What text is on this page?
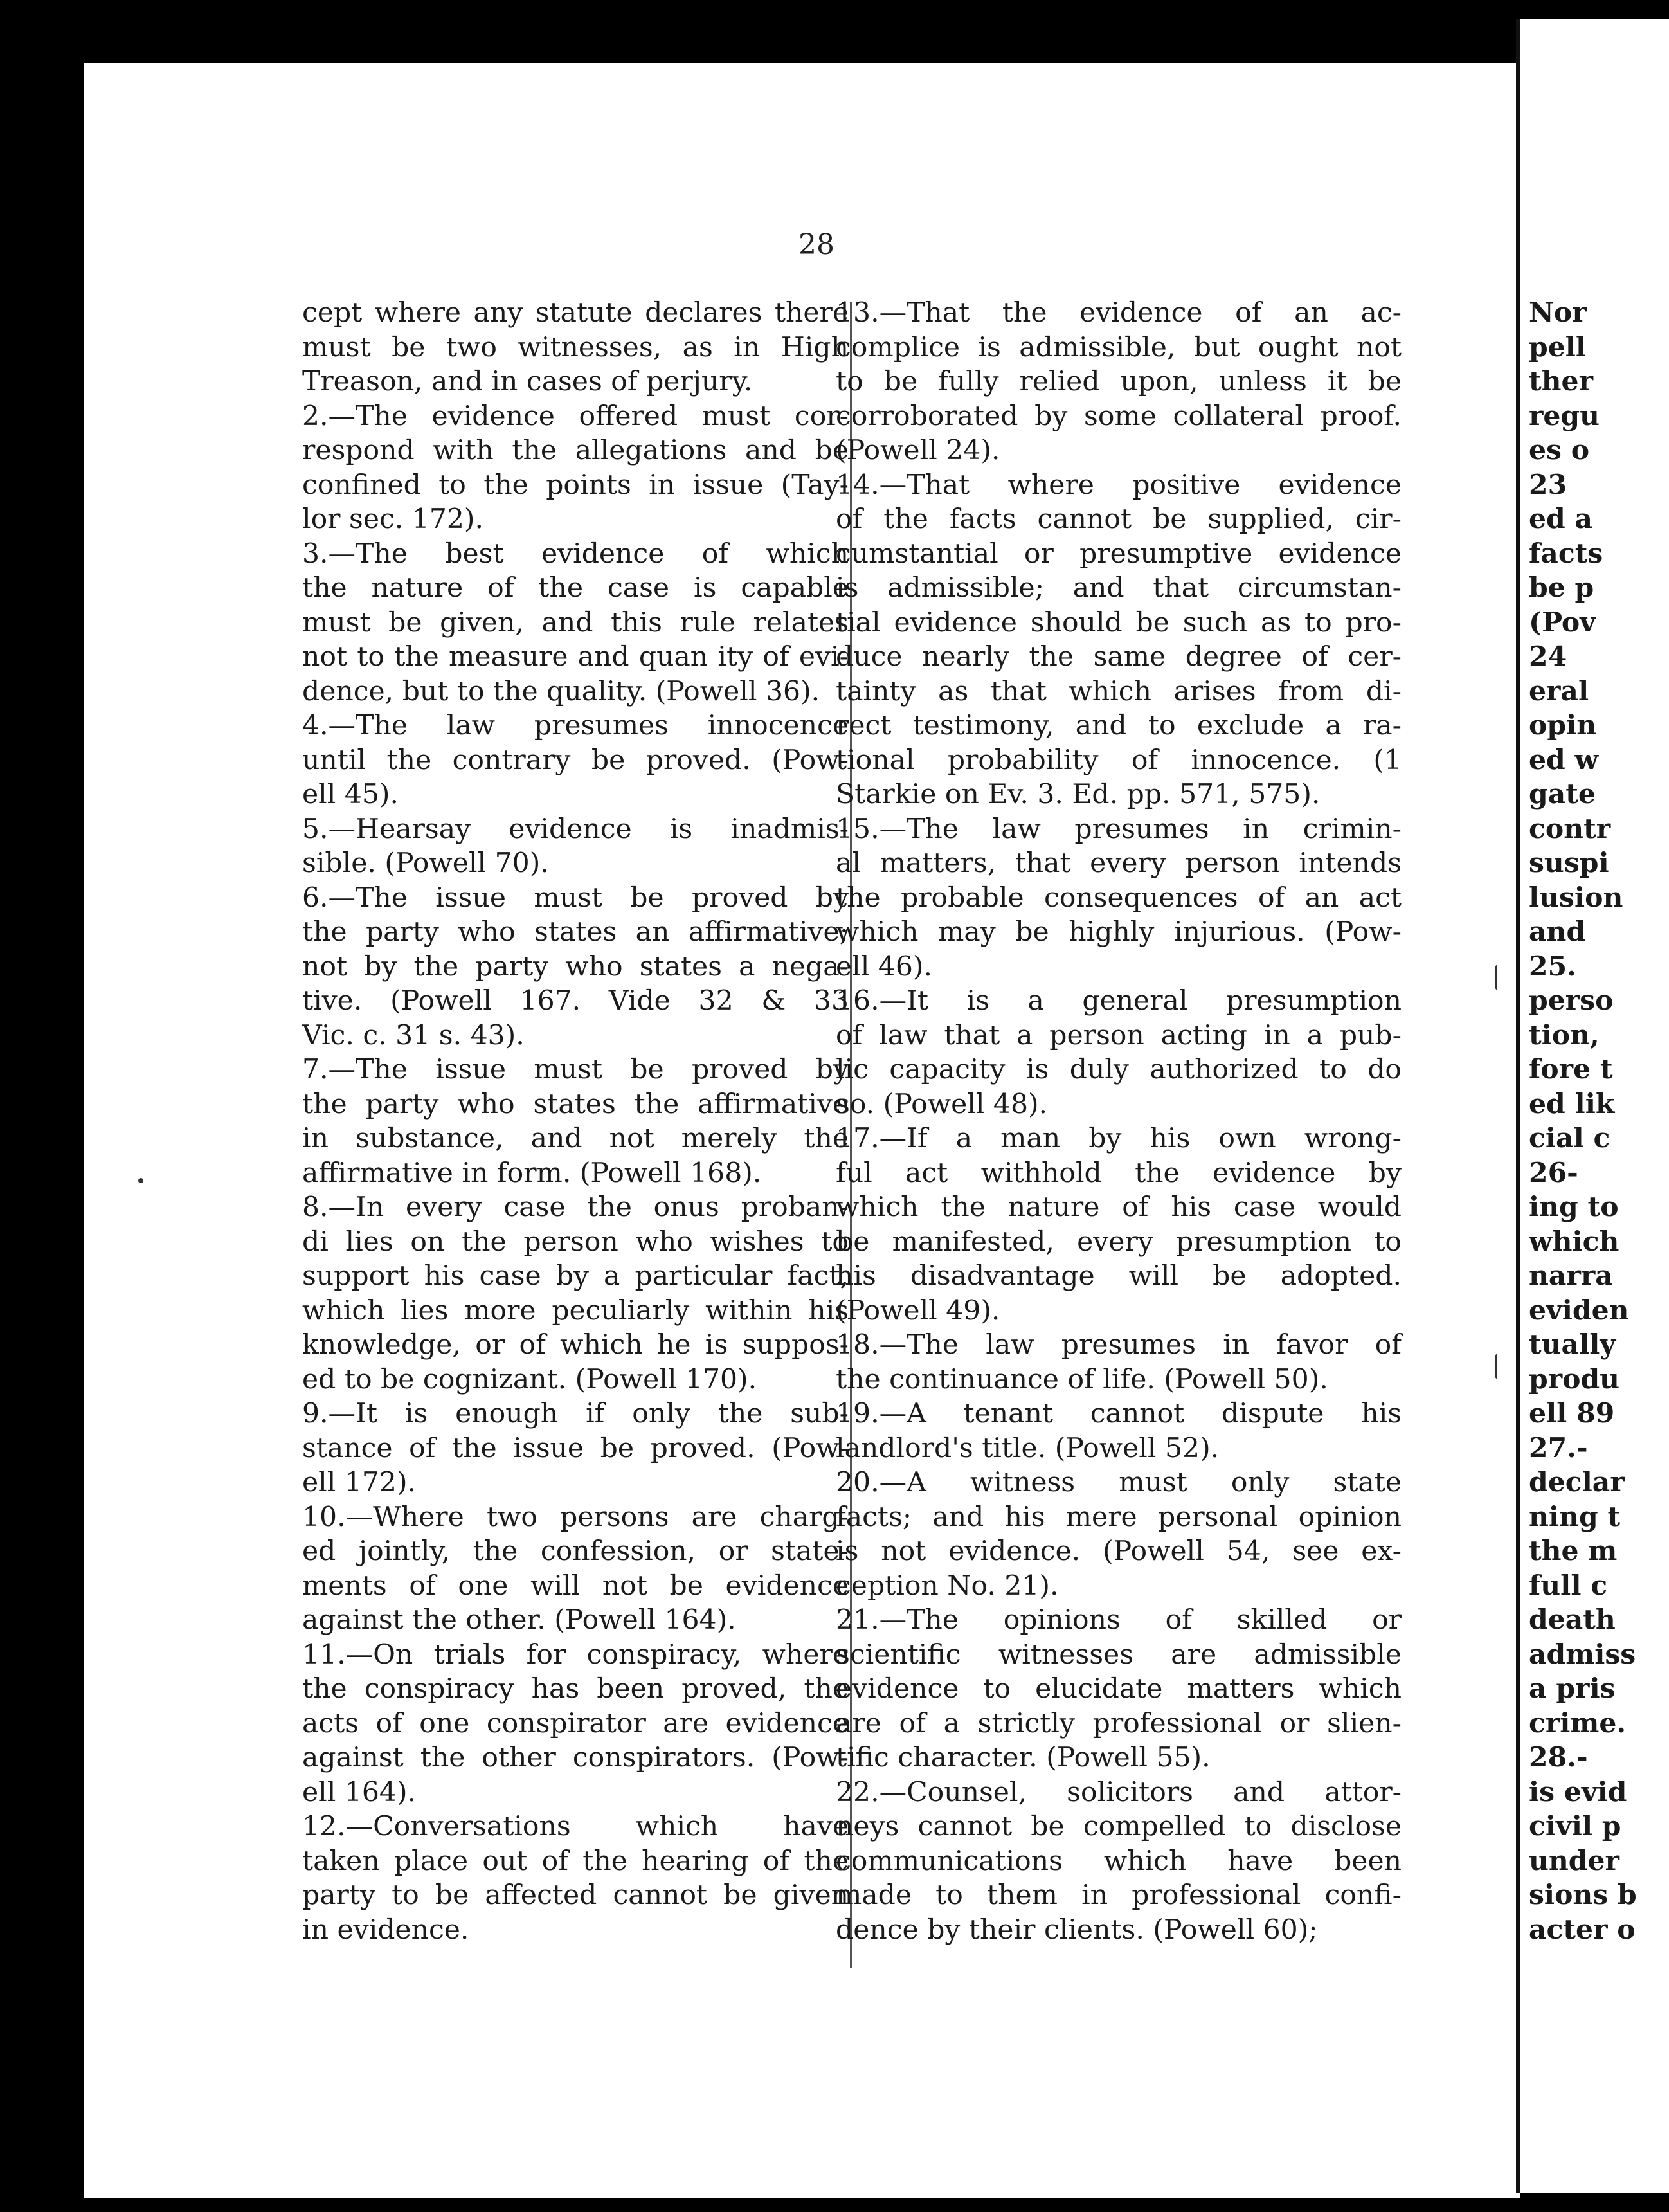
28
cept where any statute declares there
must be two witnesses, as in High
Treason, and in cases of perjury.
2.—The evidence offered must cor-
respond with the allegations and be
confined to the points in issue (Tay-
lor sec. 172).
3.—The best evidence of which
the nature of the case is capable
must be given, and this rule relates
not to the measure and quan ity of evi-
dence, but to the quality. (Powell 36).
4.—The law presumes innocence
until the contrary be proved. (Pow-
ell 45).
5.—Hearsay evidence is inadmis-
sible. (Powell 70).
6.—The issue must be proved by
the party who states an affirmative;
not by the party who states a nega-
tive. (Powell 167. Vide 32 & 33
Vic. c. 31 s. 43).
7.—The issue must be proved by
the party who states the affirmative
in substance, and not merely the
affirmative in form. (Powell 168).
8.—In every case the onus proban-
di lies on the person who wishes to
support his case by a particular fact,
which lies more peculiarly within his
knowledge, or of which he is suppos-
ed to be cognizant. (Powell 170).
9.—It is enough if only the sub-
stance of the issue be proved. (Pow-
ell 172).
10.—Where two persons are charg-
ed jointly, the confession, or state-
ments of one will not be evidence
against the other. (Powell 164).
11.—On trials for conspiracy, where
the conspiracy has been proved, the
acts of one conspirator are evidence
against the other conspirators. (Pow-
ell 164).
12.—Conversations which have
taken place out of the hearing of the
party to be affected cannot be given
in evidence.
13.—That the evidence of an ac-
complice is admissible, but ought not
to be fully relied upon, unless it be
corroborated by some collateral proof.
(Powell 24).
14.—That where positive evidence
of the facts cannot be supplied, cir-
cumstantial or presumptive evidence
is admissible; and that circumstan-
tial evidence should be such as to pro-
duce nearly the same degree of cer-
tainty as that which arises from di-
rect testimony, and to exclude a ra-
tional probability of innocence. (1
Starkie on Ev. 3. Ed. pp. 571, 575).
15.—The law presumes in crimin-
al matters, that every person intends
the probable consequences of an act
which may be highly injurious. (Pow-
ell 46).
16.—It is a general presumption
of law that a person acting in a pub-
lic capacity is duly authorized to do
so. (Powell 48).
17.—If a man by his own wrong-
ful act withhold the evidence by
which the nature of his case would
be manifested, every presumption to
his disadvantage will be adopted.
(Powell 49).
18.—The law presumes in favor of
the continuance of life. (Powell 50).
19.—A tenant cannot dispute his
landlord's title. (Powell 52).
20.—A witness must only state
facts; and his mere personal opinion
is not evidence. (Powell 54, see ex-
ception No. 21).
21.—The opinions of skilled or
scientific witnesses are admissible
evidence to elucidate matters which
are of a strictly professional or slien-
tific character. (Powell 55).
22.—Counsel, solicitors and attor-
neys cannot be compelled to disclose
communications which have been
made to them in professional confi-
dence by their clients. (Powell 60);
Nor
pell
ther
regu
es o
23
ed a
facts
be p
(Pov
24
eral
opin
ed w
gate
contr
suspi
lusion
and
25.
perso
tion,
fore t
ed lik
cial c
26-
ing to
which
narra
eviden
tually
produ
ell 89
27.-
declar
ning t
the m
full c
death
admiss
a pris
crime.
28.-
is evid
civil p
under
sions b
acter o
